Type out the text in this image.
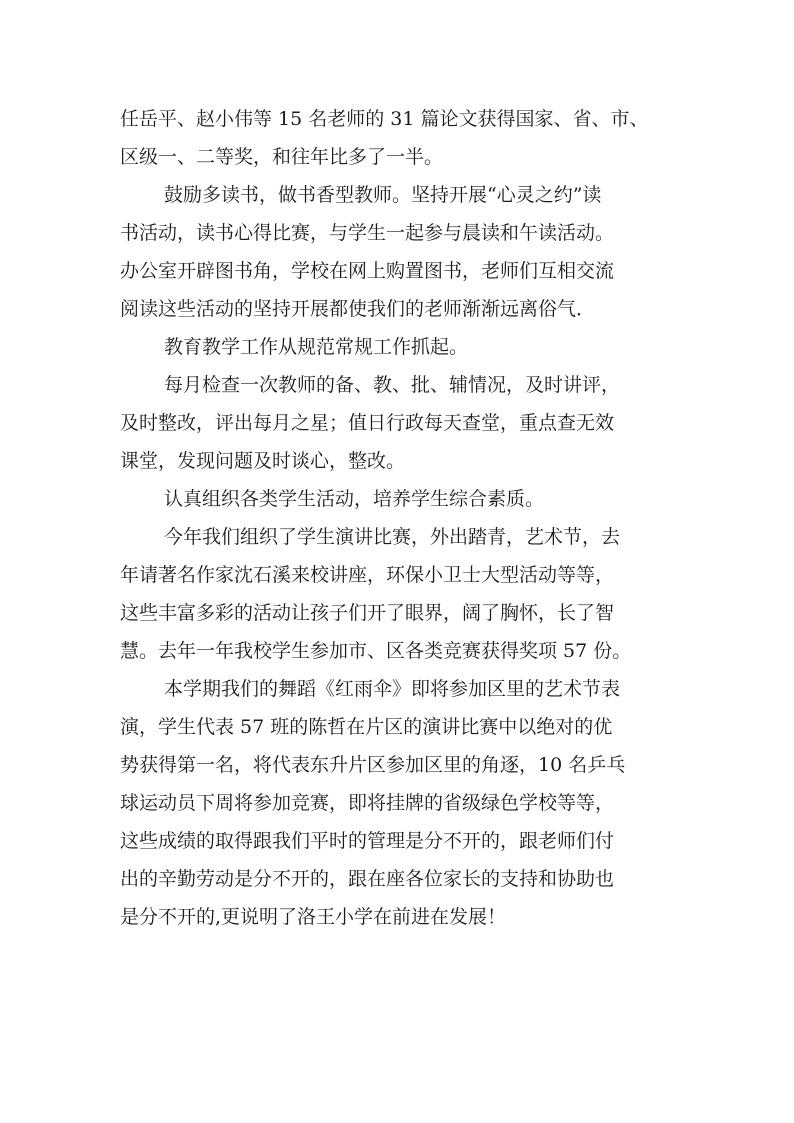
任岳平、赵小伟等 15 名老师的 31 篇论文获得国家、省、市、
区级一、二等奖，和往年比多了一半。
鼓励多读书，做书香型教师。坚持开展“心灵之约”读
书活动，读书心得比赛，与学生一起参与晨读和午读活动。
办公室开辟图书角，学校在网上购置图书，老师们互相交流
阅读这些活动的坚持开展都使我们的老师渐渐远离俗气．
教育教学工作从规范常规工作抓起。
每月检查一次教师的备、教、批、辅情况，及时讲评，
及时整改，评出每月之星；值日行政每天查堂，重点查无效
课堂，发现问题及时谈心，整改。
认真组织各类学生活动，培养学生综合素质。
今年我们组织了学生演讲比赛，外出踏青，艺术节，去
年请著名作家沈石溪来校讲座，环保小卫士大型活动等等，
这些丰富多彩的活动让孩子们开了眼界，阔了胸怀，长了智
慧。去年一年我校学生参加市、区各类竞赛获得奖项 57 份。
本学期我们的舞蹈《红雨伞》即将参加区里的艺术节表
演，学生代表 57 班的陈哲在片区的演讲比赛中以绝对的优
势获得第一名，将代表东升片区参加区里的角逐，10 名乒乓
球运动员下周将参加竞赛，即将挂牌的省级绿色学校等等，
这些成绩的取得跟我们平时的管理是分不开的，跟老师们付
出的辛勤劳动是分不开的，跟在座各位家长的支持和协助也
是分不开的,更说明了洛王小学在前进在发展！
